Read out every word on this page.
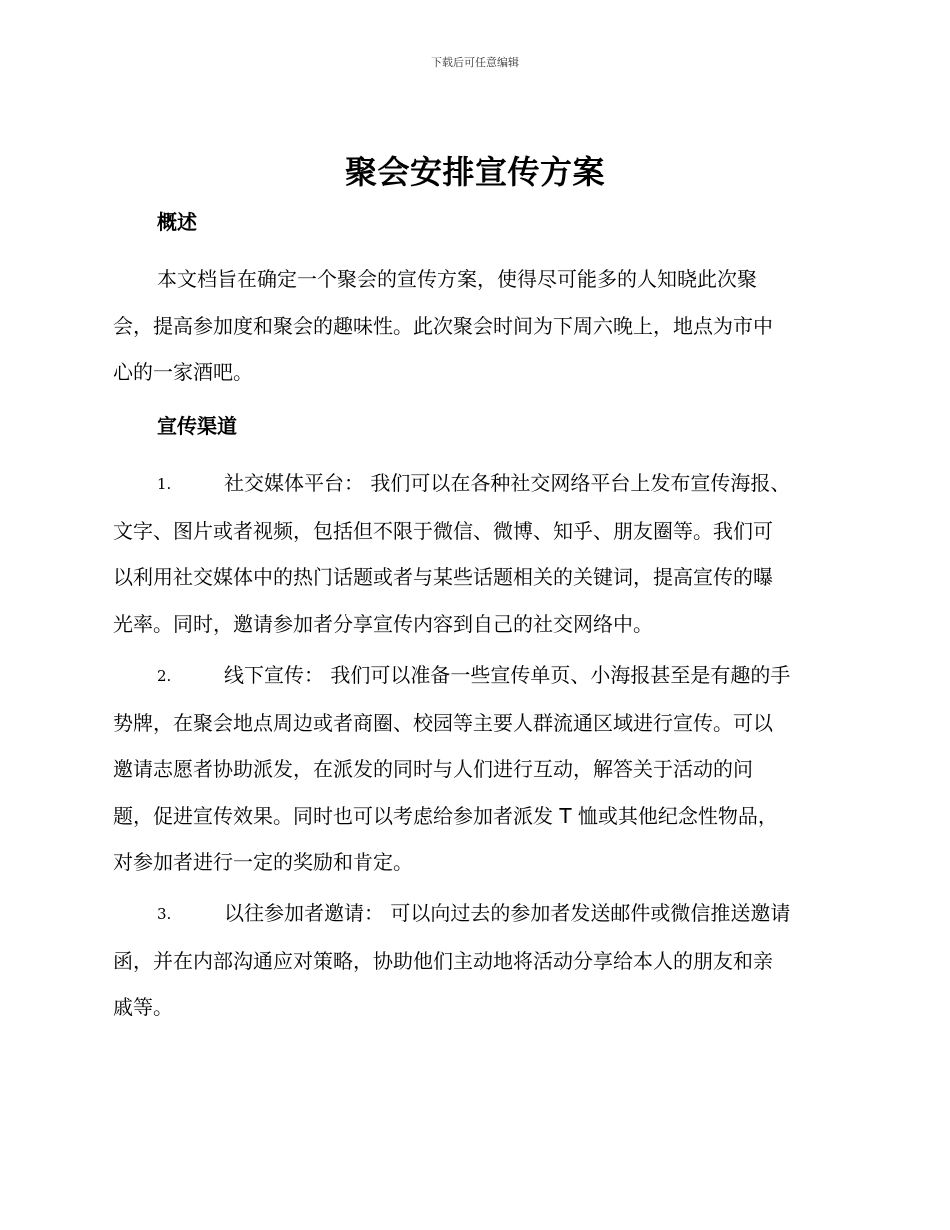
下载后可任意编辑
聚会安排宣传方案
概述
本文档旨在确定一个聚会的宣传方案，使得尽可能多的人知晓此次聚
会，提高参加度和聚会的趣味性。此次聚会时间为下周六晚上，地点为市中
心的一家酒吧。
宣传渠道
1.	社交媒体平台： 我们可以在各种社交网络平台上发布宣传海报、
文字、图片或者视频，包括但不限于微信、微博、知乎、朋友圈等。我们可
以利用社交媒体中的热门话题或者与某些话题相关的关键词，提高宣传的曝
光率。同时，邀请参加者分享宣传内容到自己的社交网络中。
2.	线下宣传： 我们可以准备一些宣传单页、小海报甚至是有趣的手
势牌，在聚会地点周边或者商圈、校园等主要人群流通区域进行宣传。可以
邀请志愿者协助派发，在派发的同时与人们进行互动，解答关于活动的问
题，促进宣传效果。同时也可以考虑给参加者派发 T 恤或其他纪念性物品，
对参加者进行一定的奖励和肯定。
3.	以往参加者邀请： 可以向过去的参加者发送邮件或微信推送邀请
函，并在内部沟通应对策略，协助他们主动地将活动分享给本人的朋友和亲
戚等。
